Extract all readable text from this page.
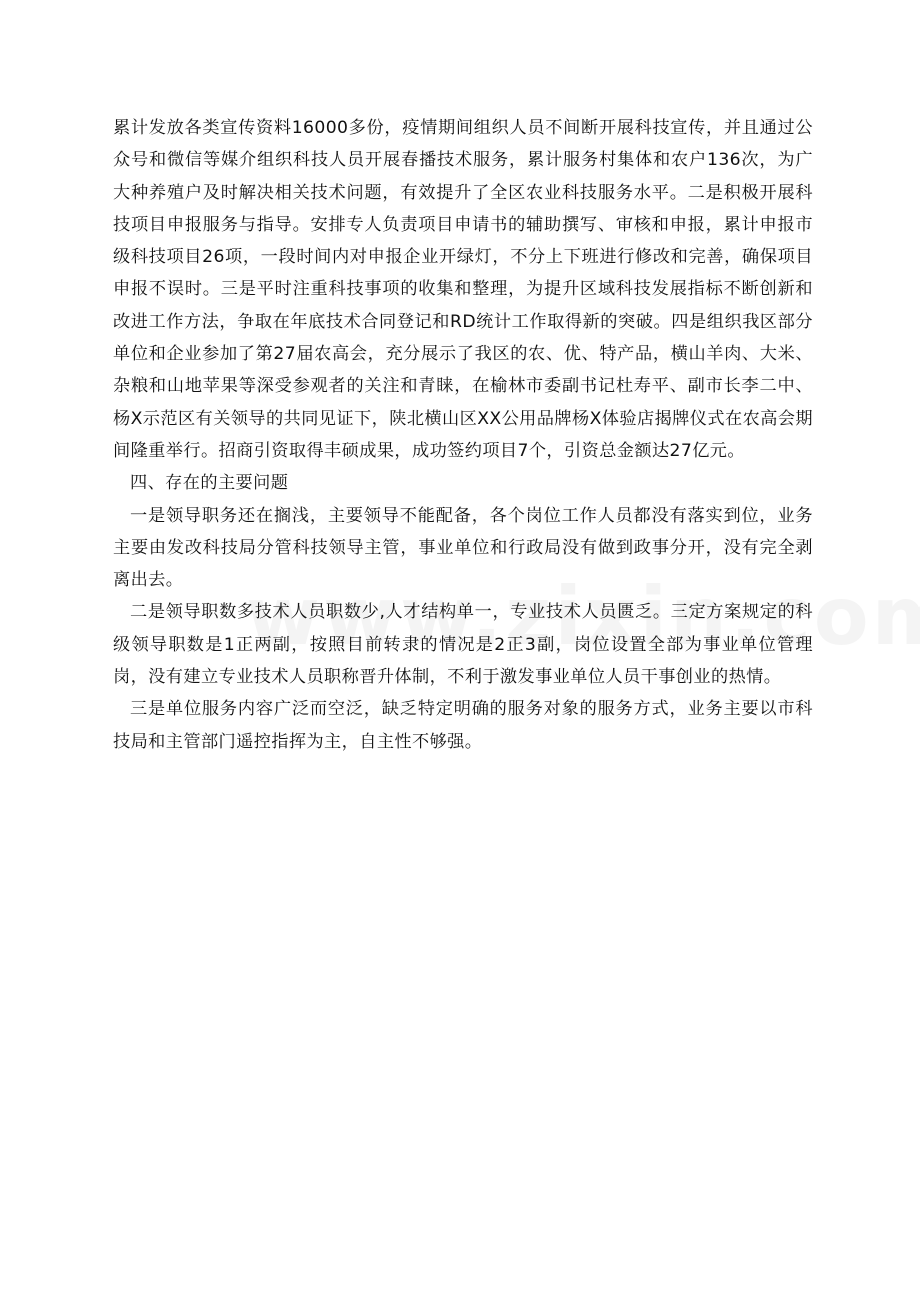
累计发放各类宣传资料16000多份，疫情期间组织人员不间断开展科技宣传，并且通过公众号和微信等媒介组织科技人员开展春播技术服务，累计服务村集体和农户136次，为广大种养殖户及时解决相关技术问题，有效提升了全区农业科技服务水平。二是积极开展科技项目申报服务与指导。安排专人负责项目申请书的辅助撰写、审核和申报，累计申报市级科技项目26项，一段时间内对申报企业开绿灯，不分上下班进行修改和完善，确保项目申报不误时。三是平时注重科技事项的收集和整理，为提升区域科技发展指标不断创新和改进工作方法，争取在年底技术合同登记和RD统计工作取得新的突破。四是组织我区部分单位和企业参加了第27届农高会，充分展示了我区的农、优、特产品，横山羊肉、大米、杂粮和山地苹果等深受参观者的关注和青睐，在榆林市委副书记杜寿平、副市长李二中、杨X示范区有关领导的共同见证下，陕北横山区XX公用品牌杨X体验店揭牌仪式在农高会期间隆重举行。招商引资取得丰硕成果，成功签约项目7个，引资总金额达27亿元。

四、存在的主要问题

一是领导职务还在搁浅，主要领导不能配备，各个岗位工作人员都没有落实到位，业务主要由发改科技局分管科技领导主管，事业单位和行政局没有做到政事分开，没有完全剥离出去。

二是领导职数多技术人员职数少,人才结构单一，专业技术人员匮乏。三定方案规定的科级领导职数是1正两副，按照目前转隶的情况是2正3副，岗位设置全部为事业单位管理岗，没有建立专业技术人员职称晋升体制，不利于激发事业单位人员干事创业的热情。

三是单位服务内容广泛而空泛，缺乏特定明确的服务对象的服务方式，业务主要以市科技局和主管部门遥控指挥为主，自主性不够强。
